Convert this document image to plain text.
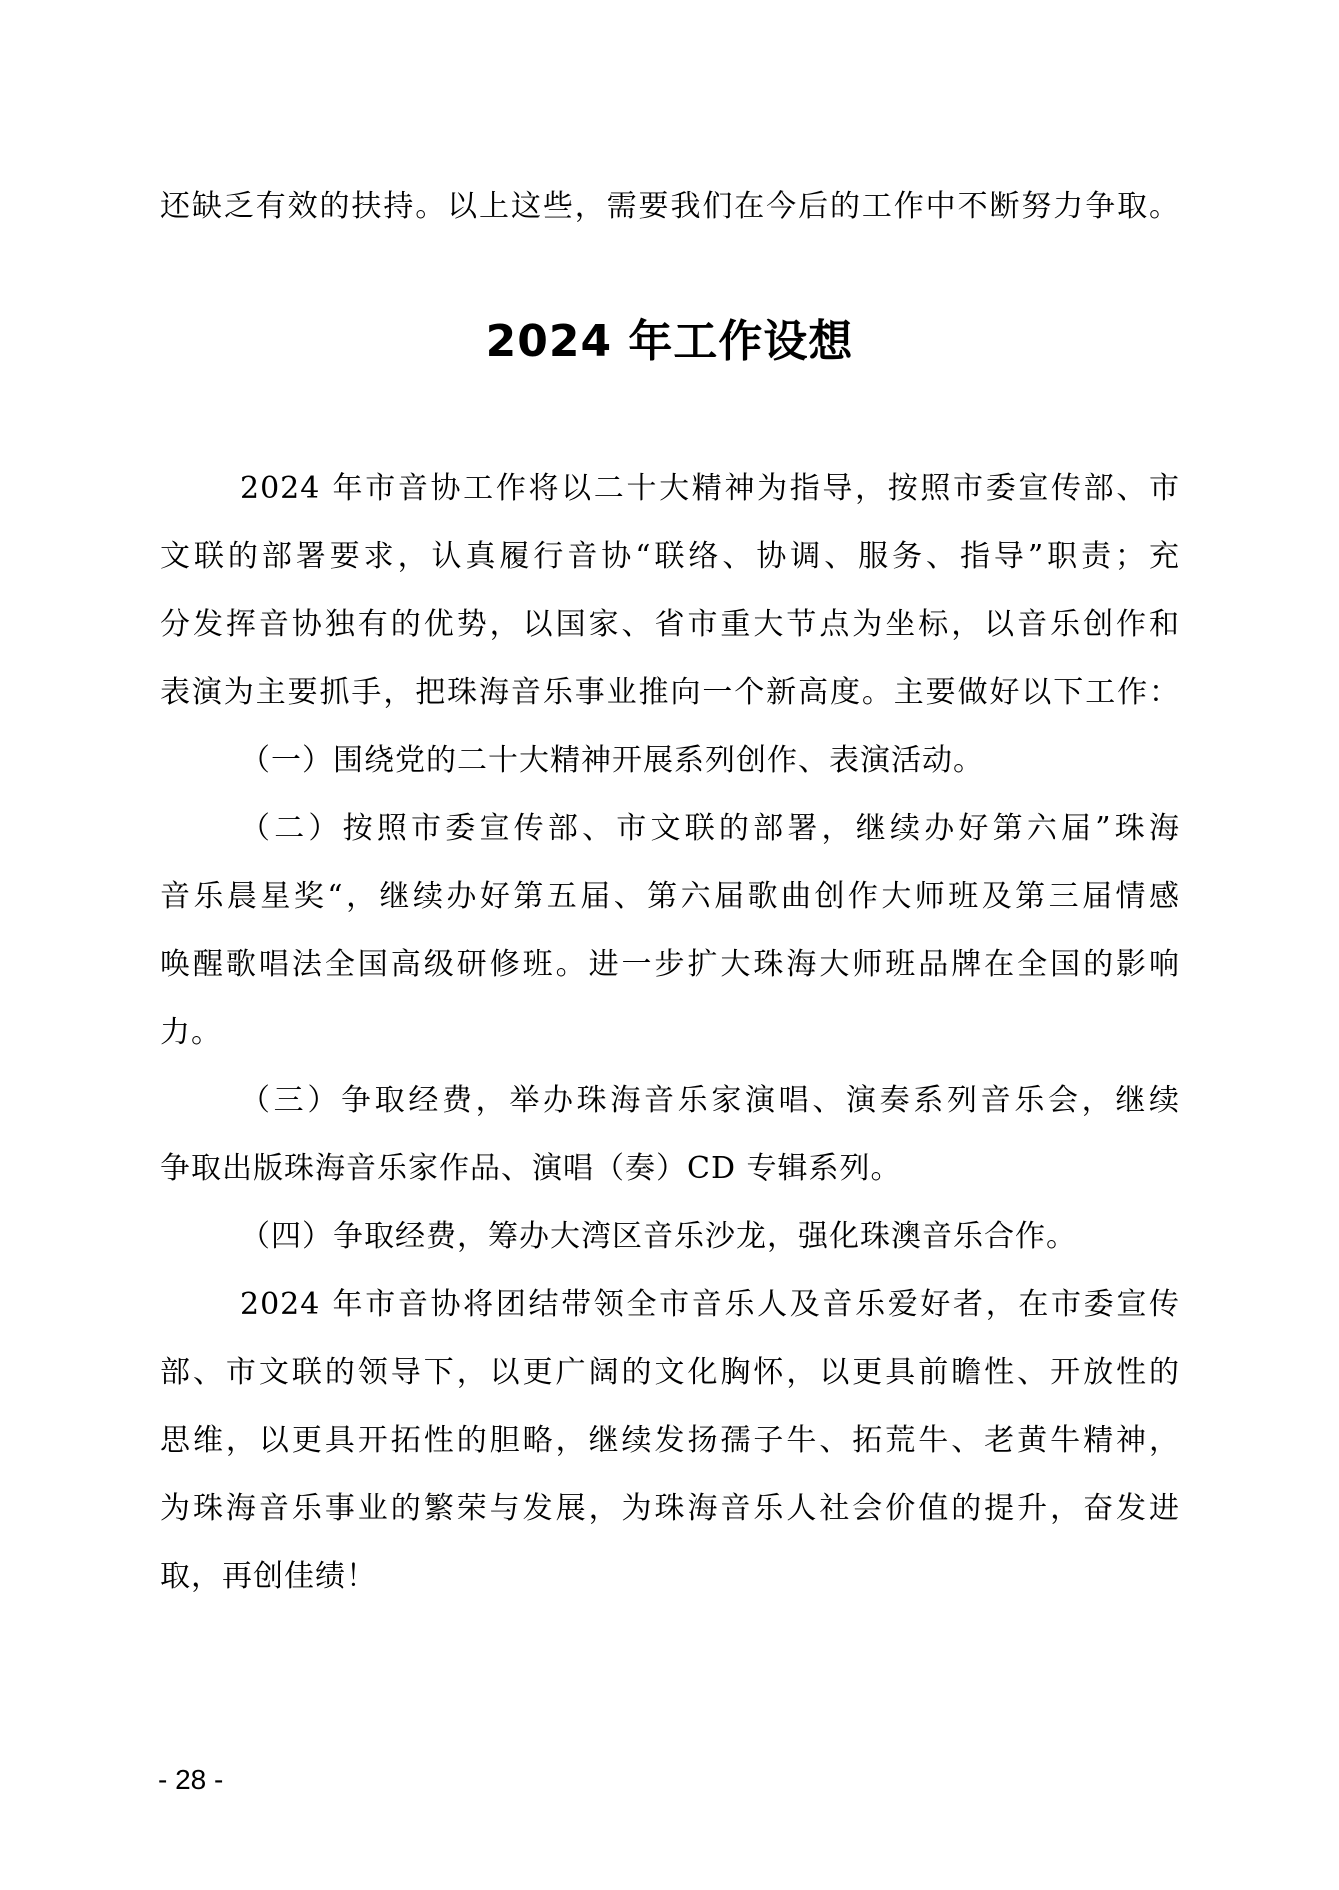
还缺乏有效的扶持。以上这些，需要我们在今后的工作中不断努力争取。
2024 年工作设想
2024 年市音协工作将以二十大精神为指导，按照市委宣传部、市
文联的部署要求，认真履行音协“联络、协调、服务、指导”职责；充
分发挥音协独有的优势，以国家、省市重大节点为坐标，以音乐创作和
表演为主要抓手，把珠海音乐事业推向一个新高度。主要做好以下工作：
（一）围绕党的二十大精神开展系列创作、表演活动。
（二）按照市委宣传部、市文联的部署，继续办好第六届”珠海
音乐晨星奖“，继续办好第五届、第六届歌曲创作大师班及第三届情感
唤醒歌唱法全国高级研修班。进一步扩大珠海大师班品牌在全国的影响
力。
（三）争取经费，举办珠海音乐家演唱、演奏系列音乐会，继续
争取出版珠海音乐家作品、演唱（奏）CD 专辑系列。
（四）争取经费，筹办大湾区音乐沙龙，强化珠澳音乐合作。
2024 年市音协将团结带领全市音乐人及音乐爱好者，在市委宣传
部、市文联的领导下，以更广阔的文化胸怀，以更具前瞻性、开放性的
思维，以更具开拓性的胆略，继续发扬孺子牛、拓荒牛、老黄牛精神，
为珠海音乐事业的繁荣与发展，为珠海音乐人社会价值的提升，奋发进
取，再创佳绩！
- 28 -
